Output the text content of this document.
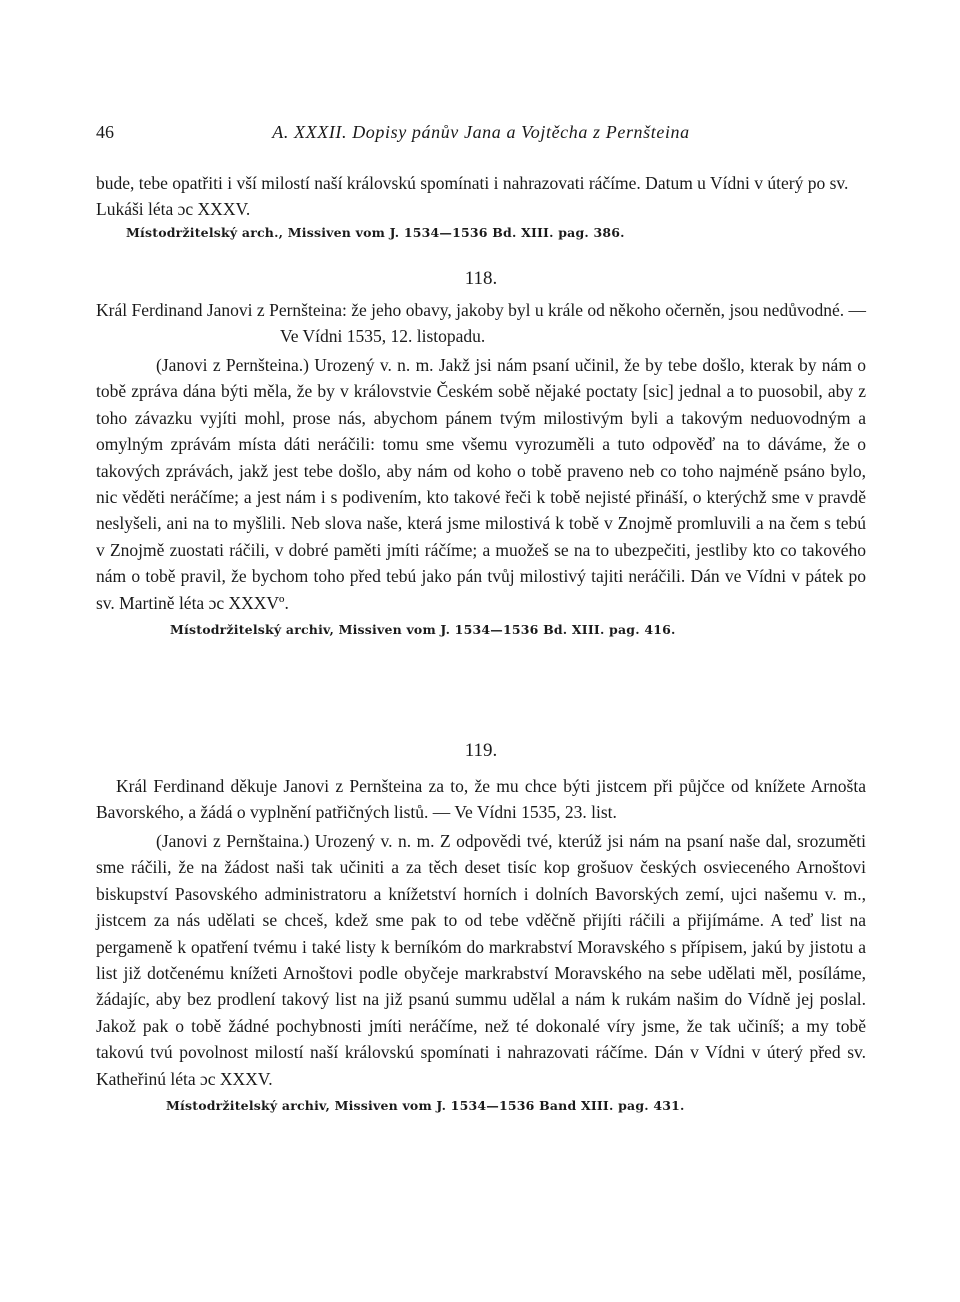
46	A. XXXII. Dopisy pánův Jana a Vojtěcha z Pernšteina

bude, tebe opatřiti i vší milostí naší královskú spomínati i nahrazovati ráčíme. Datum u Vídni v úterý po sv. Lukáši léta ɔc XXXV.

Místodržitelský arch., Missiven vom J. 1534—1536 Bd. XIII. pag. 386.

118.

Král Ferdinand Janovi z Pernšteina: že jeho obavy, jakoby byl u krále od někoho očerněn, jsou nedůvodné. — Ve Vídni 1535, 12. listopadu.

(Janovi z Pernšteina.) Urozený v. n. m. Jakž jsi nám psaní učinil, že by tebe došlo, kterak by nám o tobě zpráva dána býti měla, že by v královstvie Českém sobě nějaké poctaty [sic] jednal a to puosobil, aby z toho závazku vyjíti mohl, prose nás, abychom pánem tvým milostivým byli a takovým neduovodným a omylným zprávám místa dáti neráčili: tomu sme všemu vyrozuměli a tuto odpověď na to dáváme, že o takových zprávách, jakž jest tebe došlo, aby nám od koho o tobě praveno neb co toho najméně psáno bylo, nic věděti neráčíme; a jest nám i s podivením, kto takové řeči k tobě nejisté přináší, o kterýchž sme v pravdě neslyšeli, ani na to myšlili. Neb slova naše, která jsme milostivá k tobě v Znojmě promluvili a na čem s tebú v Znojmě zuostati ráčili, v dobré paměti jmíti ráčíme; a muožeš se na to ubezpečiti, jestliby kto co takového nám o tobě pravil, že bychom toho před tebú jako pán tvůj milostivý tajiti neráčili. Dán ve Vídni v pátek po sv. Martině léta ɔc XXXVº.

Místodržitelský archiv, Missiven vom J. 1534—1536 Bd. XIII. pag. 416.

119.

Král Ferdinand děkuje Janovi z Pernšteina za to, že mu chce býti jistcem při půjčce od knížete Arnošta Bavorského, a žádá o vyplnění patřičných listů. — Ve Vídni 1535, 23. list.

(Janovi z Pernštaina.) Urozený v. n. m. Z odpovědi tvé, kterúž jsi nám na psaní naše dal, srozuměti sme ráčili, že na žádost naši tak učiniti a za těch deset tisíc kop grošuov českých osvieceného Arnoštovi biskupství Pasovského administratoru a knížetství horních i dolních Bavorských zemí, ujci našemu v. m., jistcem za nás udělati se chceš, kdež sme pak to od tebe vděčně přijíti ráčili a přijímáme. A teď list na pergameně k opatření tvému i také listy k berníkóm do markrabství Moravského s přípisem, jakú by jistotu a list již dotčenému knížeti Arnoštovi podle obyčeje markrabství Moravského na sebe udělati měl, posíláme, žádajíc, aby bez prodlení takový list na již psanú summu udělal a nám k rukám našim do Vídně jej poslal. Jakož pak o tobě žádné pochybnosti jmíti neráčíme, než té dokonalé víry jsme, že tak učiníš; a my tobě takovú tvú povolnost milostí naší královskú spomínati i nahrazovati ráčíme. Dán v Vídni v úterý před sv. Katheřinú léta ɔc XXXV.

Místodržitelský archiv, Missiven vom J. 1534—1536 Band XIII. pag. 431.
